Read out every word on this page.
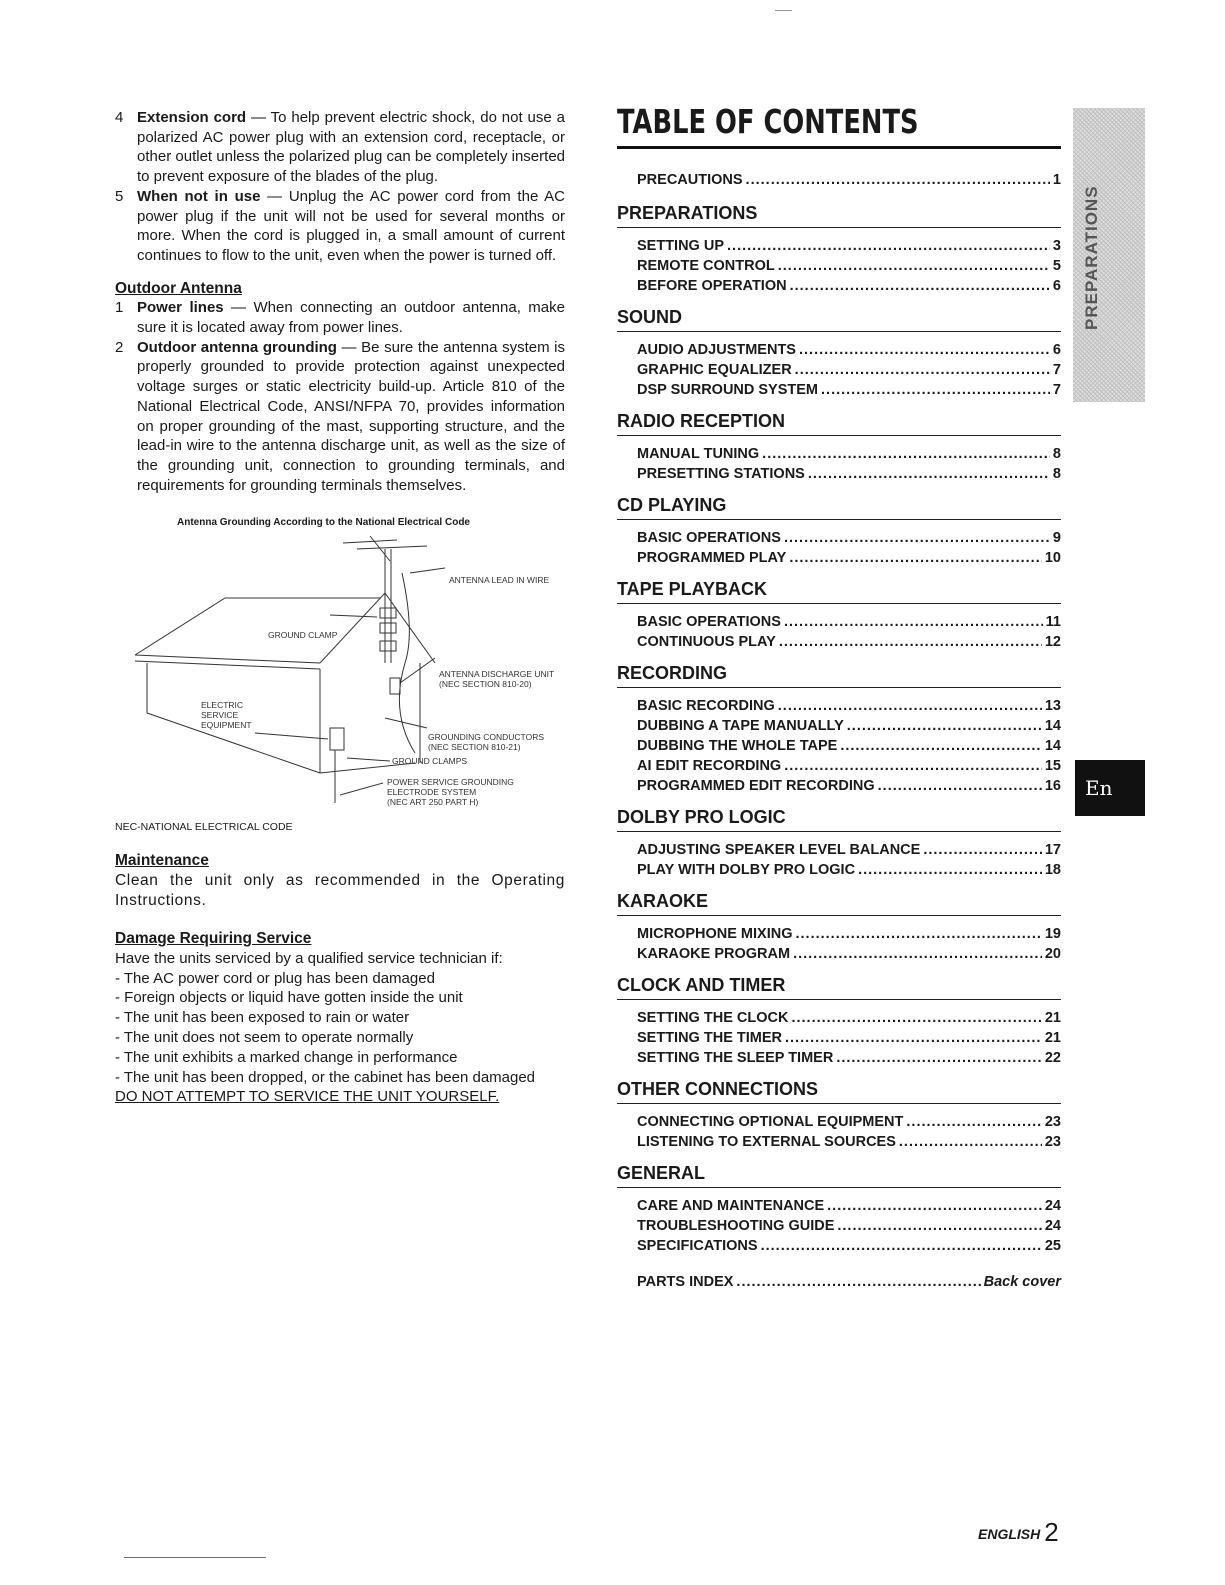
4 Extension cord — To help prevent electric shock, do not use a polarized AC power plug with an extension cord, receptacle, or other outlet unless the polarized plug can be completely inserted to prevent exposure of the blades of the plug.
5 When not in use — Unplug the AC power cord from the AC power plug if the unit will not be used for several months or more. When the cord is plugged in, a small amount of current continues to flow to the unit, even when the power is turned off.

Outdoor Antenna

1 Power lines — When connecting an outdoor antenna, make sure it is located away from power lines.
2 Outdoor antenna grounding — Be sure the antenna system is properly grounded to provide protection against unexpected voltage surges or static electricity build-up. Article 810 of the National Electrical Code, ANSI/NFPA 70, provides information on proper grounding of the mast, supporting structure, and the lead-in wire to the antenna discharge unit, as well as the size of the grounding unit, connection to grounding terminals, and requirements for grounding terminals themselves.
Antenna Grounding According to the National Electrical Code
ANTENNA LEAD IN WIRE
GROUND CLAMP
ANTENNA DISCHARGE UNIT
(NEC SECTION 810-20)
ELECTRIC
SERVICE
EQUIPMENT
GROUNDING CONDUCTORS
(NEC SECTION 810-21)
GROUND CLAMPS
POWER SERVICE GROUNDING
ELECTRODE SYSTEM
(NEC ART 250 PART H)
NEC-NATIONAL ELECTRICAL CODE

Maintenance

Clean the unit only as recommended in the Operating Instructions.

Damage Requiring Service

Have the units serviced by a qualified service technician if:
- The AC power cord or plug has been damaged
- Foreign objects or liquid have gotten inside the unit
- The unit has been exposed to rain or water
- The unit does not seem to operate normally
- The unit exhibits a marked change in performance
- The unit has been dropped, or the cabinet has been damaged
DO NOT ATTEMPT TO SERVICE THE UNIT YOURSELF.
TABLE OF CONTENTS
PRECAUTIONS .....	1
PREPARATIONS
SETTING UP .....	3
REMOTE CONTROL .....	5
BEFORE OPERATION .....	6
SOUND
AUDIO ADJUSTMENTS .....	6
GRAPHIC EQUALIZER .....	7
DSP SURROUND SYSTEM .....	7
RADIO RECEPTION
MANUAL TUNING .....	8
PRESETTING STATIONS .....	8
CD PLAYING
BASIC OPERATIONS .....	9
PROGRAMMED PLAY .....	10
TAPE PLAYBACK
BASIC OPERATIONS .....	11
CONTINUOUS PLAY .....	12
RECORDING
BASIC RECORDING .....	13
DUBBING A TAPE MANUALLY .....	14
DUBBING THE WHOLE TAPE .....	14
AI EDIT RECORDING .....	15
PROGRAMMED EDIT RECORDING .....	16
DOLBY PRO LOGIC
ADJUSTING SPEAKER LEVEL BALANCE .....	17
PLAY WITH DOLBY PRO LOGIC .....	18
KARAOKE
MICROPHONE MIXING .....	19
KARAOKE PROGRAM .....	20
CLOCK AND TIMER
SETTING THE CLOCK .....	21
SETTING THE TIMER .....	21
SETTING THE SLEEP TIMER .....	22
OTHER CONNECTIONS
CONNECTING OPTIONAL EQUIPMENT .....	23
LISTENING TO EXTERNAL SOURCES .....	23
GENERAL
CARE AND MAINTENANCE .....	24
TROUBLESHOOTING GUIDE .....	24
SPECIFICATIONS .....	25
PARTS INDEX .....	Back cover
PREPARATIONS
En
ENGLISH 2
